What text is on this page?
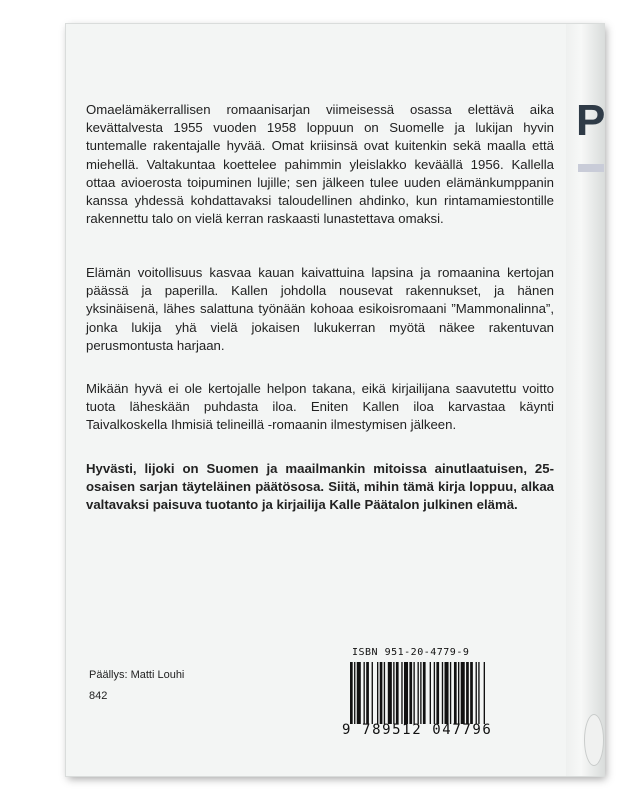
P

Omaelämäkerrallisen romaanisarjan viimeisessä osassa elettävä aika kevättalvesta 1955 vuoden 1958 loppuun on Suomelle ja lukijan hyvin tuntemalle rakentajalle hyvää. Omat kriisinsä ovat kuitenkin sekä maalla että miehellä. Valtakuntaa koettelee pahimmin yleislakko keväällä 1956. Kallella ottaa avioerosta toipuminen lujille; sen jälkeen tulee uuden elämänkumppanin kanssa yhdessä kohdattavaksi taloudellinen ahdinko, kun rintamamiestontille rakennettu talo on vielä kerran raskaasti lunastettava omaksi.

Elämän voitollisuus kasvaa kauan kaivattuina lapsina ja romaanina kertojan päässä ja paperilla. Kallen johdolla nousevat rakennukset, ja hänen yksinäisenä, lähes salattuna työnään kohoaa esikoisromaani ”Mammonalinna”, jonka lukija yhä vielä jokaisen lukukerran myötä näkee rakentuvan perusmontusta harjaan.

Mikään hyvä ei ole kertojalle helpon takana, eikä kirjailijana saavutettu voitto tuota läheskään puhdasta iloa. Eniten Kallen iloa karvastaa käynti Taivalkoskella Ihmisiä telineillä -romaanin ilmestymisen jälkeen.

Hyvästi, lijoki on Suomen ja maailmankin mitoissa ainutlaatuisen, 25-osaisen sarjan täyteläinen päätösosa. Siitä, mihin tämä kirja loppuu, alkaa valtavaksi paisuva tuotanto ja kirjailija Kalle Päätalon julkinen elämä.

Päällys: Matti Louhi
842
ISBN 951-20-4779-9
9 789512 047796
